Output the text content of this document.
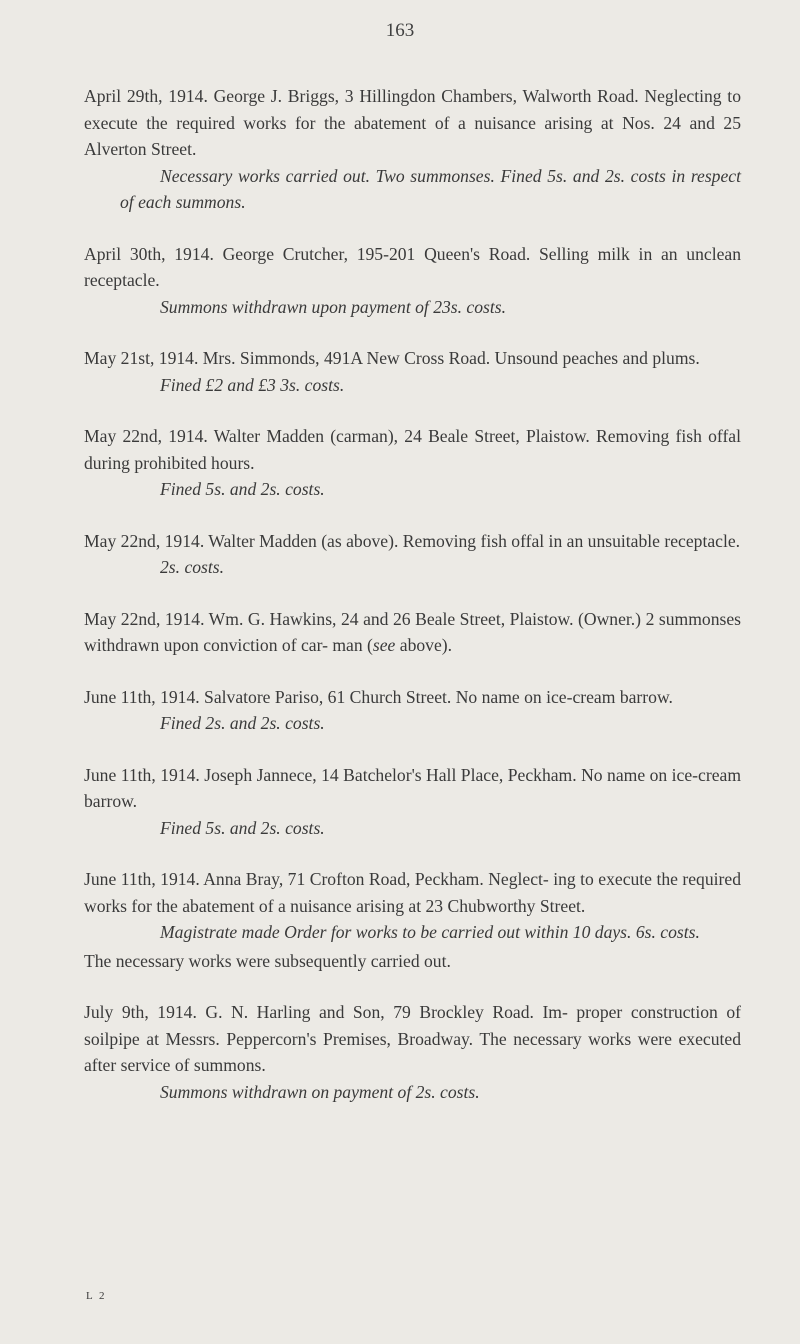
163

April 29th, 1914. George J. Briggs, 3 Hillingdon Chambers, Walworth Road. Neglecting to execute the required works for the abatement of a nuisance arising at Nos. 24 and 25 Alverton Street.

Necessary works carried out. Two summonses. Fined 5s. and 2s. costs in respect of each summons.

April 30th, 1914. George Crutcher, 195-201 Queen's Road. Selling milk in an unclean receptacle.

Summons withdrawn upon payment of 23s. costs.

May 21st, 1914. Mrs. Simmonds, 491A New Cross Road. Unsound peaches and plums.

Fined £2 and £3 3s. costs.

May 22nd, 1914. Walter Madden (carman), 24 Beale Street, Plaistow. Removing fish offal during prohibited hours.

Fined 5s. and 2s. costs.

May 22nd, 1914. Walter Madden (as above). Removing fish offal in an unsuitable receptacle.

2s. costs.

May 22nd, 1914. Wm. G. Hawkins, 24 and 26 Beale Street, Plaistow. (Owner.) 2 summonses withdrawn upon conviction of car- man (see above).

June 11th, 1914. Salvatore Pariso, 61 Church Street. No name on ice-cream barrow.

Fined 2s. and 2s. costs.

June 11th, 1914. Joseph Jannece, 14 Batchelor's Hall Place, Peckham. No name on ice-cream barrow.

Fined 5s. and 2s. costs.

June 11th, 1914. Anna Bray, 71 Crofton Road, Peckham. Neglect- ing to execute the required works for the abatement of a nuisance arising at 23 Chubworthy Street.

Magistrate made Order for works to be carried out within 10 days. 6s. costs.

The necessary works were subsequently carried out.

July 9th, 1914. G. N. Harling and Son, 79 Brockley Road. Im- proper construction of soilpipe at Messrs. Peppercorn's Premises, Broadway. The necessary works were executed after service of summons.

Summons withdrawn on payment of 2s. costs.

L 2
